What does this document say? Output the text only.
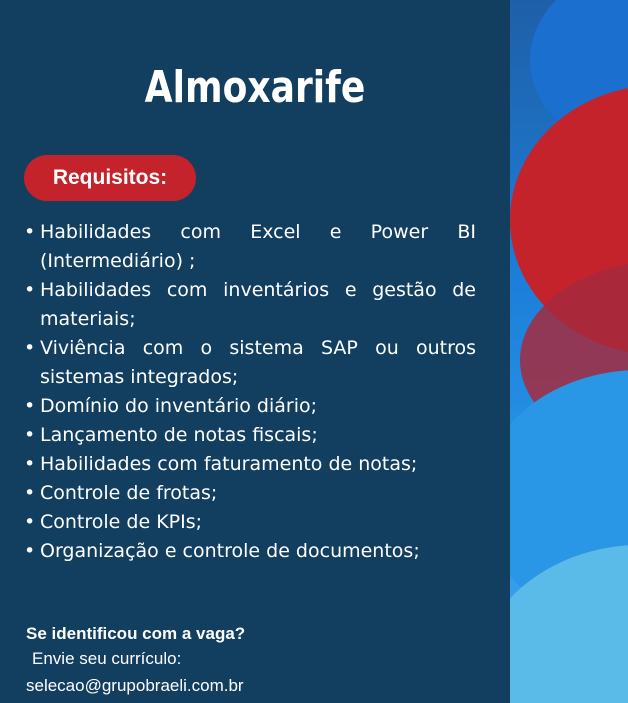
Almoxarife
Requisitos:
• Habilidades com Excel e Power BI (Intermediário) ;
• Habilidades com inventários e gestão de materiais;
• Viviência com o sistema SAP ou outros sistemas integrados;
• Domínio do inventário diário;
• Lançamento de notas fiscais;
• Habilidades com faturamento de notas;
• Controle de frotas;
• Controle de KPIs;
• Organização e controle de documentos;
Se identificou com a vaga?
Envie seu currículo:
selecao@grupobraeli.com.br
